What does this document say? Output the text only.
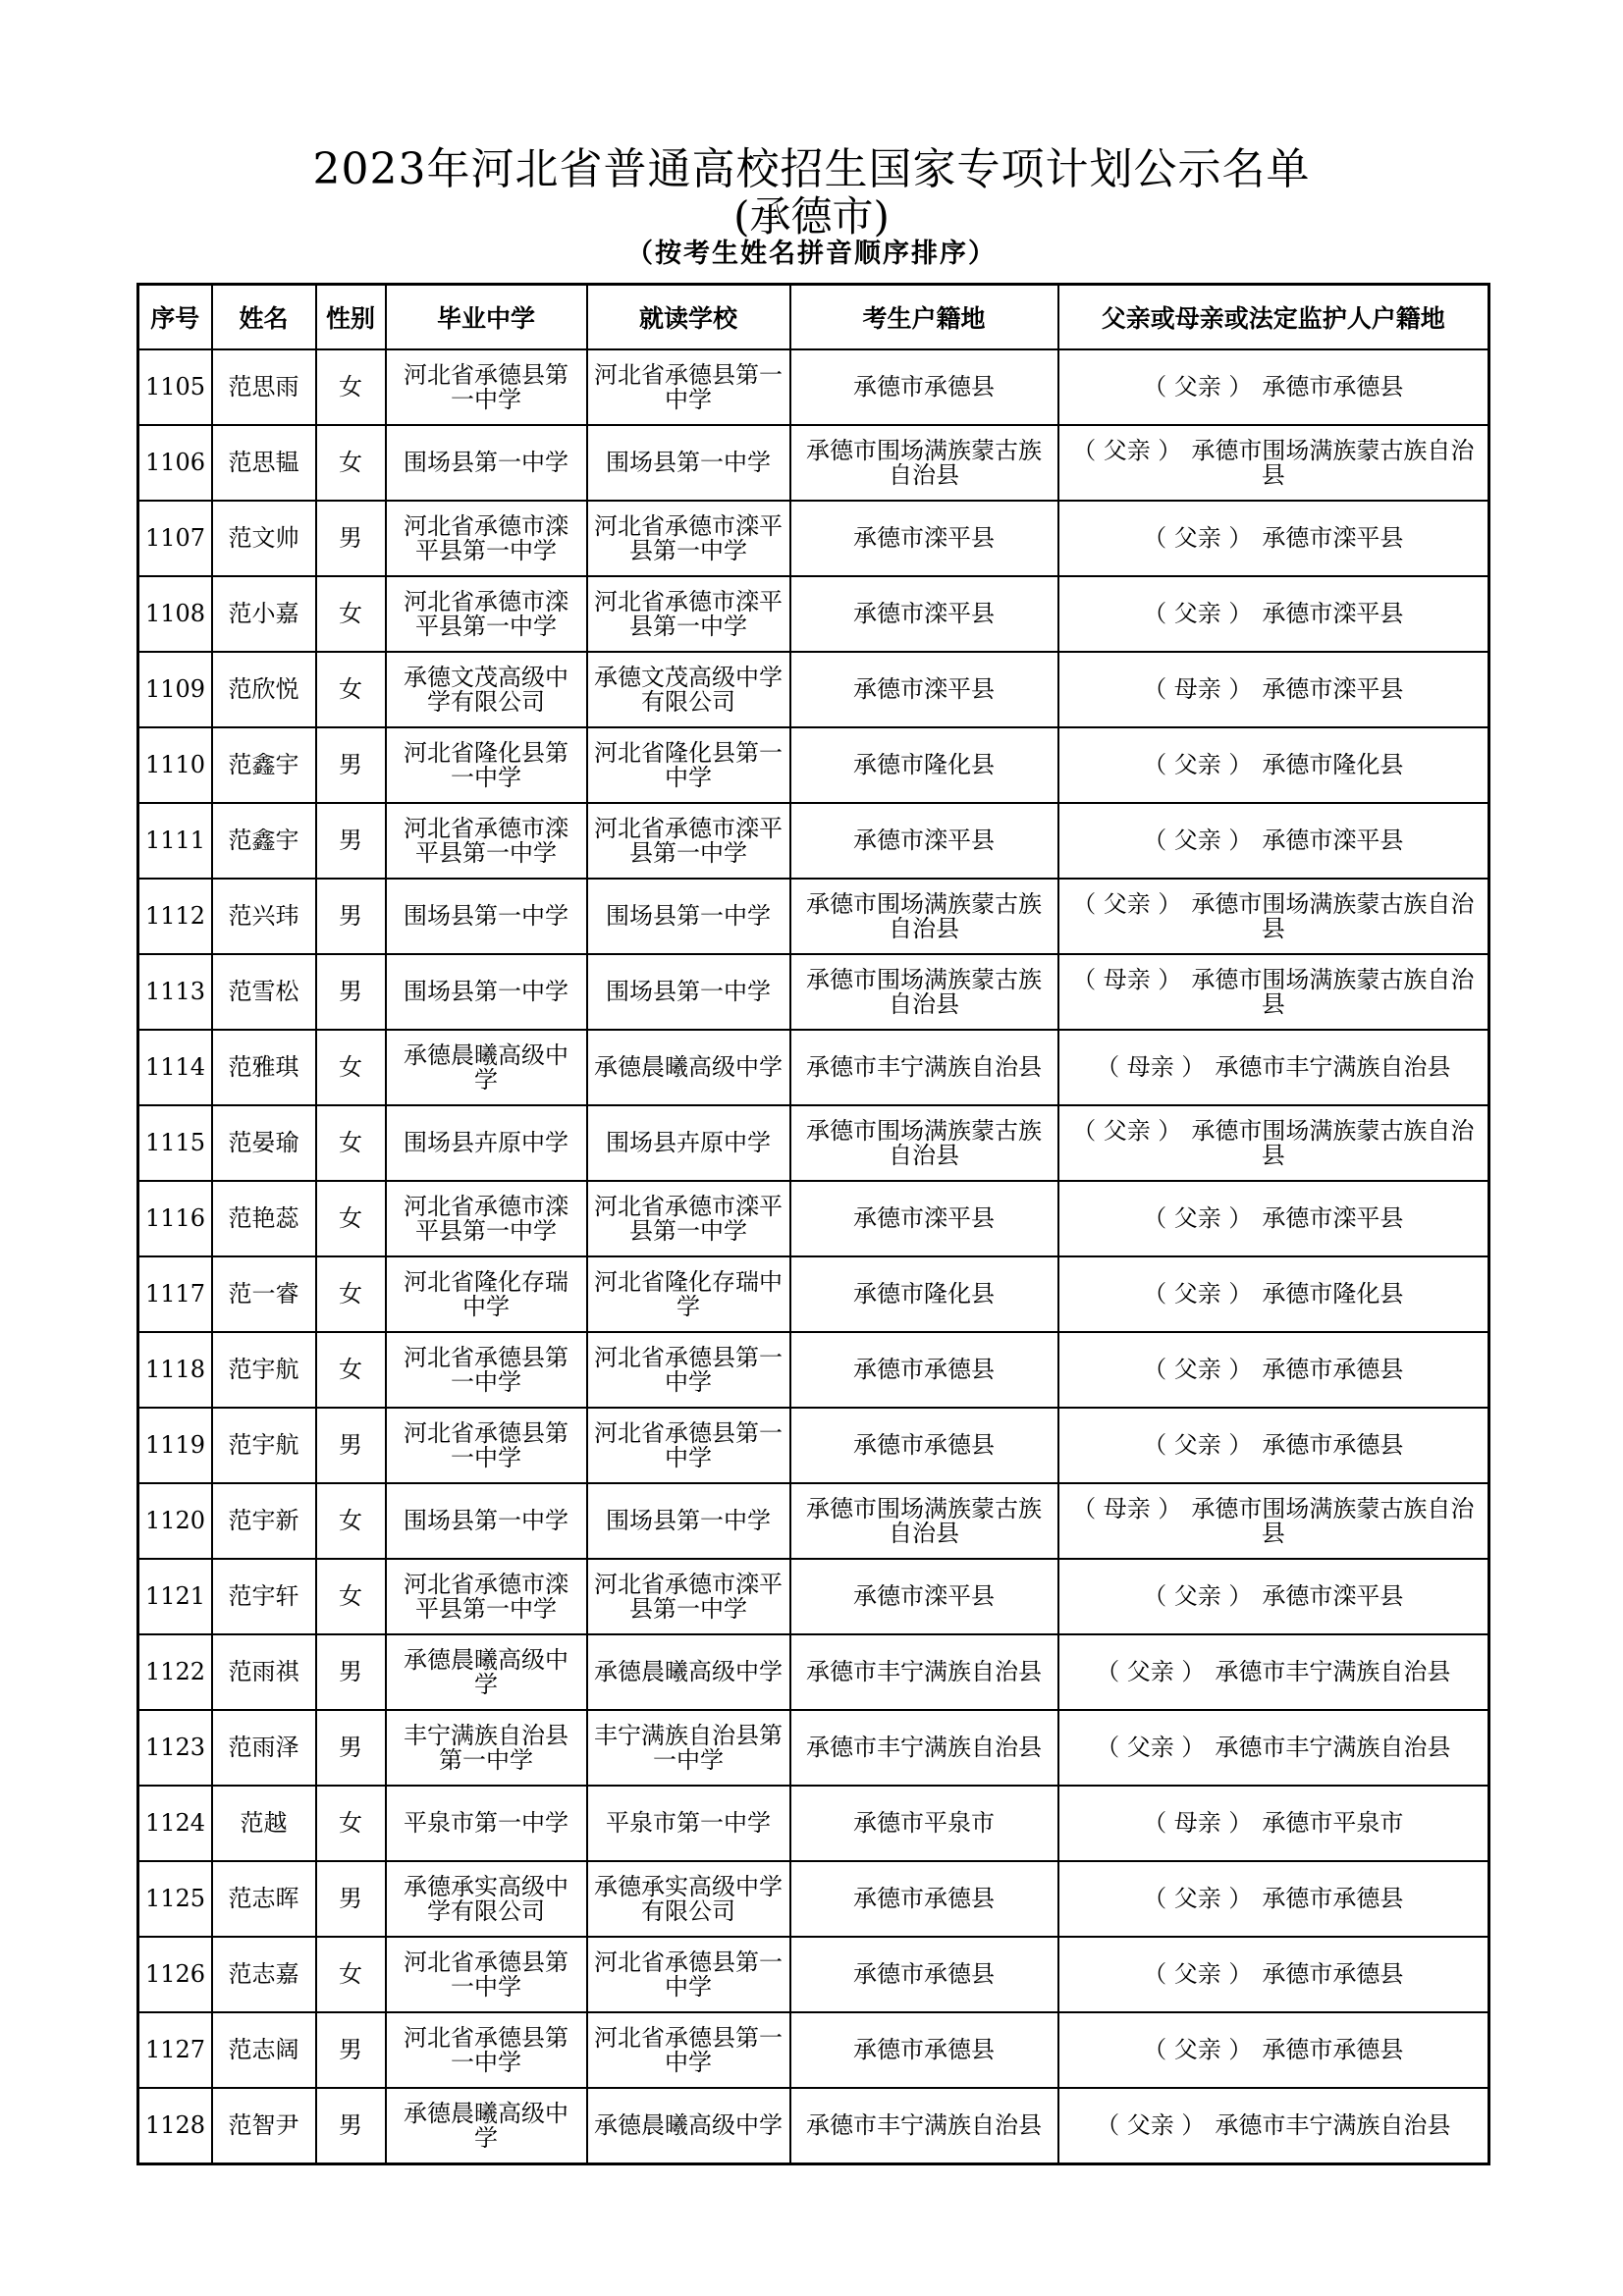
2023年河北省普通高校招生国家专项计划公示名单
(承德市)
（按考生姓名拼音顺序排序）
序号	姓名	性别	毕业中学	就读学校	考生户籍地	父亲或母亲或法定监护人户籍地
1105	范思雨	女	河北省承德县第一中学	河北省承德县第一中学	承德市承德县	（ 父亲 ） 承德市承德县
1106	范思韫	女	围场县第一中学	围场县第一中学	承德市围场满族蒙古族自治县	（ 父亲 ） 承德市围场满族蒙古族自治县
1107	范文帅	男	河北省承德市滦平县第一中学	河北省承德市滦平县第一中学	承德市滦平县	（ 父亲 ） 承德市滦平县
1108	范小嘉	女	河北省承德市滦平县第一中学	河北省承德市滦平县第一中学	承德市滦平县	（ 父亲 ） 承德市滦平县
1109	范欣悦	女	承德文茂高级中学有限公司	承德文茂高级中学有限公司	承德市滦平县	（ 母亲 ） 承德市滦平县
1110	范鑫宇	男	河北省隆化县第一中学	河北省隆化县第一中学	承德市隆化县	（ 父亲 ） 承德市隆化县
1111	范鑫宇	男	河北省承德市滦平县第一中学	河北省承德市滦平县第一中学	承德市滦平县	（ 父亲 ） 承德市滦平县
1112	范兴玮	男	围场县第一中学	围场县第一中学	承德市围场满族蒙古族自治县	（ 父亲 ） 承德市围场满族蒙古族自治县
1113	范雪松	男	围场县第一中学	围场县第一中学	承德市围场满族蒙古族自治县	（ 母亲 ） 承德市围场满族蒙古族自治县
1114	范雅琪	女	承德晨曦高级中学	承德晨曦高级中学	承德市丰宁满族自治县	（ 母亲 ） 承德市丰宁满族自治县
1115	范晏瑜	女	围场县卉原中学	围场县卉原中学	承德市围场满族蒙古族自治县	（ 父亲 ） 承德市围场满族蒙古族自治县
1116	范艳蕊	女	河北省承德市滦平县第一中学	河北省承德市滦平县第一中学	承德市滦平县	（ 父亲 ） 承德市滦平县
1117	范一睿	女	河北省隆化存瑞中学	河北省隆化存瑞中学	承德市隆化县	（ 父亲 ） 承德市隆化县
1118	范宇航	女	河北省承德县第一中学	河北省承德县第一中学	承德市承德县	（ 父亲 ） 承德市承德县
1119	范宇航	男	河北省承德县第一中学	河北省承德县第一中学	承德市承德县	（ 父亲 ） 承德市承德县
1120	范宇新	女	围场县第一中学	围场县第一中学	承德市围场满族蒙古族自治县	（ 母亲 ） 承德市围场满族蒙古族自治县
1121	范宇轩	女	河北省承德市滦平县第一中学	河北省承德市滦平县第一中学	承德市滦平县	（ 父亲 ） 承德市滦平县
1122	范雨祺	男	承德晨曦高级中学	承德晨曦高级中学	承德市丰宁满族自治县	（ 父亲 ） 承德市丰宁满族自治县
1123	范雨泽	男	丰宁满族自治县第一中学	丰宁满族自治县第一中学	承德市丰宁满族自治县	（ 父亲 ） 承德市丰宁满族自治县
1124	范越	女	平泉市第一中学	平泉市第一中学	承德市平泉市	（ 母亲 ） 承德市平泉市
1125	范志晖	男	承德承实高级中学有限公司	承德承实高级中学有限公司	承德市承德县	（ 父亲 ） 承德市承德县
1126	范志嘉	女	河北省承德县第一中学	河北省承德县第一中学	承德市承德县	（ 父亲 ） 承德市承德县
1127	范志阔	男	河北省承德县第一中学	河北省承德县第一中学	承德市承德县	（ 父亲 ） 承德市承德县
1128	范智尹	男	承德晨曦高级中学	承德晨曦高级中学	承德市丰宁满族自治县	（ 父亲 ） 承德市丰宁满族自治县
